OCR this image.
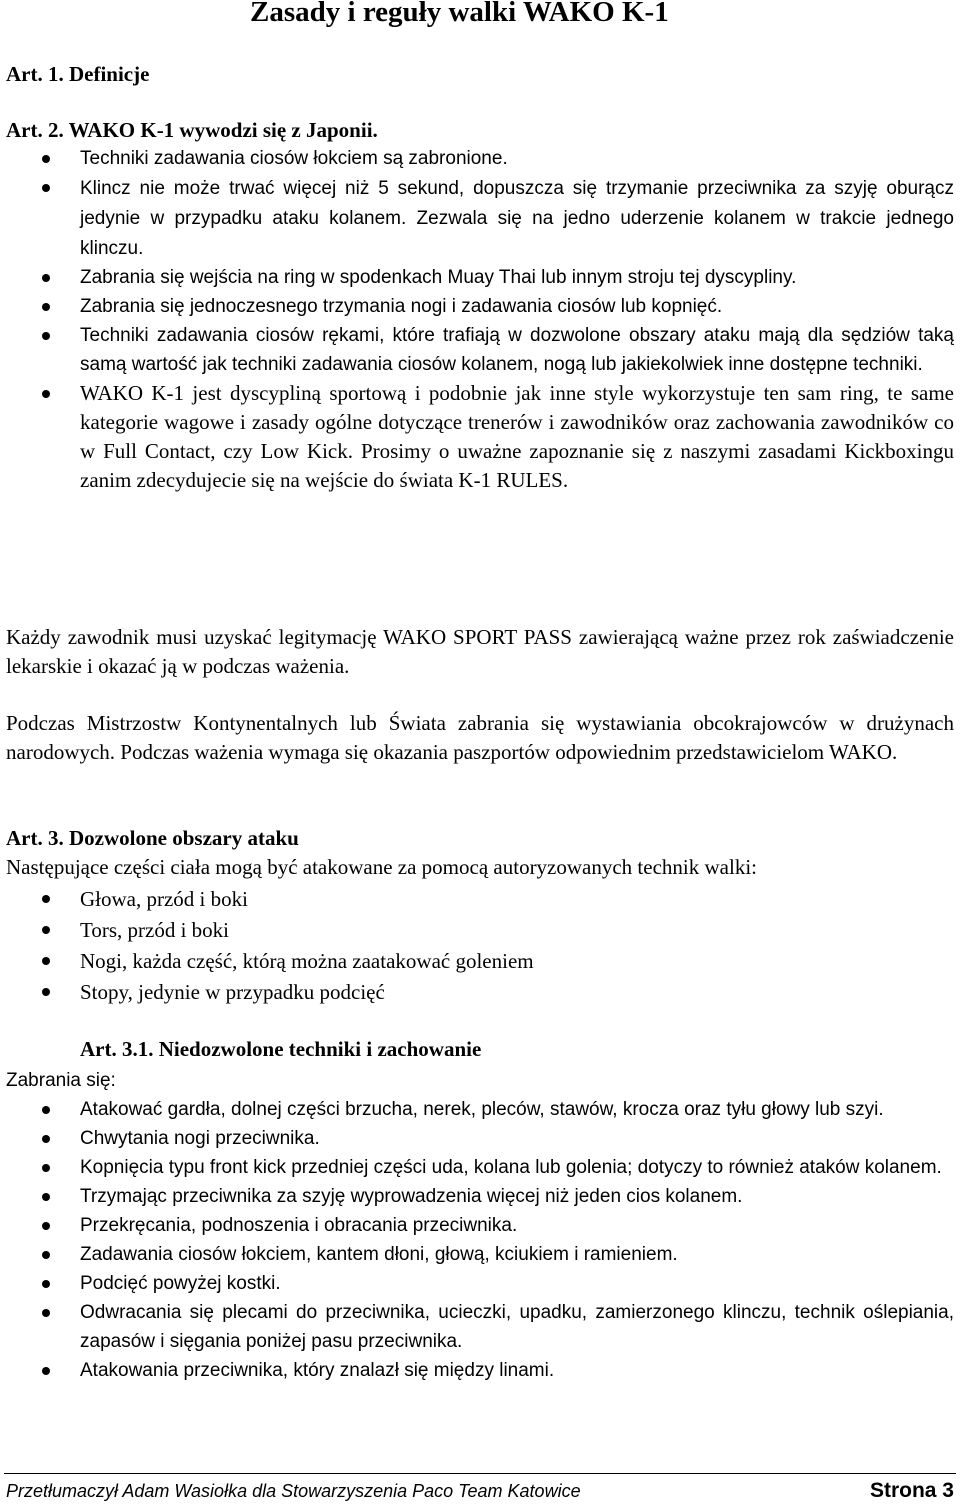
Zasady i reguły walki WAKO K-1
Art. 1. Definicje
Art. 2. WAKO K-1 wywodzi się z Japonii.
Techniki zadawania ciosów łokciem są zabronione.
Klincz nie może trwać więcej niż 5 sekund, dopuszcza się trzymanie przeciwnika za szyję oburącz jedynie w przypadku ataku kolanem. Zezwala się na jedno uderzenie kolanem w trakcie jednego klinczu.
Zabrania się wejścia na ring w spodenkach Muay Thai lub innym stroju tej dyscypliny.
Zabrania się jednoczesnego trzymania nogi i zadawania ciosów lub kopnięć.
Techniki zadawania ciosów rękami, które trafiają w dozwolone obszary ataku mają dla sędziów taką samą wartość jak techniki zadawania ciosów kolanem, nogą lub jakiekolwiek inne dostępne techniki.
WAKO K-1 jest dyscypliną sportową i podobnie jak inne style wykorzystuje ten sam ring, te same kategorie wagowe i zasady ogólne dotyczące trenerów i zawodników oraz zachowania zawodników co w Full Contact, czy Low Kick. Prosimy o uważne zapoznanie się z naszymi zasadami Kickboxingu zanim zdecydujecie się na wejście do świata K-1 RULES.
Każdy zawodnik musi uzyskać legitymację WAKO SPORT PASS zawierającą ważne przez rok zaświadczenie lekarskie i okazać ją w podczas ważenia.
Podczas Mistrzostw Kontynentalnych lub Świata zabrania się wystawiania obcokrajowców w drużynach narodowych. Podczas ważenia wymaga się okazania paszportów odpowiednim przedstawicielom WAKO.
Art. 3. Dozwolone obszary ataku
Następujące części ciała mogą być atakowane za pomocą autoryzowanych technik walki:
Głowa, przód i boki
Tors, przód i boki
Nogi, każda część, którą można zaatakować goleniem
Stopy, jedynie w przypadku podcięć
Art. 3.1. Niedozwolone techniki i zachowanie
Zabrania się:
Atakować gardła, dolnej części brzucha, nerek, pleców, stawów, krocza oraz tyłu głowy lub szyi.
Chwytania nogi przeciwnika.
Kopnięcia typu front kick przedniej części uda, kolana lub golenia; dotyczy to również ataków kolanem.
Trzymając przeciwnika za szyję wyprowadzenia więcej niż jeden cios kolanem.
Przekręcania, podnoszenia i obracania przeciwnika.
Zadawania ciosów łokciem, kantem dłoni, głową, kciukiem i ramieniem.
Podcięć powyżej kostki.
Odwracania się plecami do przeciwnika, ucieczki, upadku, zamierzonego klinczu, technik oślepiania, zapasów i sięgania poniżej pasu przeciwnika.
Atakowania przeciwnika, który znalazł się między linami.
Przetłumaczył Adam Wasiołka dla Stowarzyszenia Paco Team Katowice	Strona 3
